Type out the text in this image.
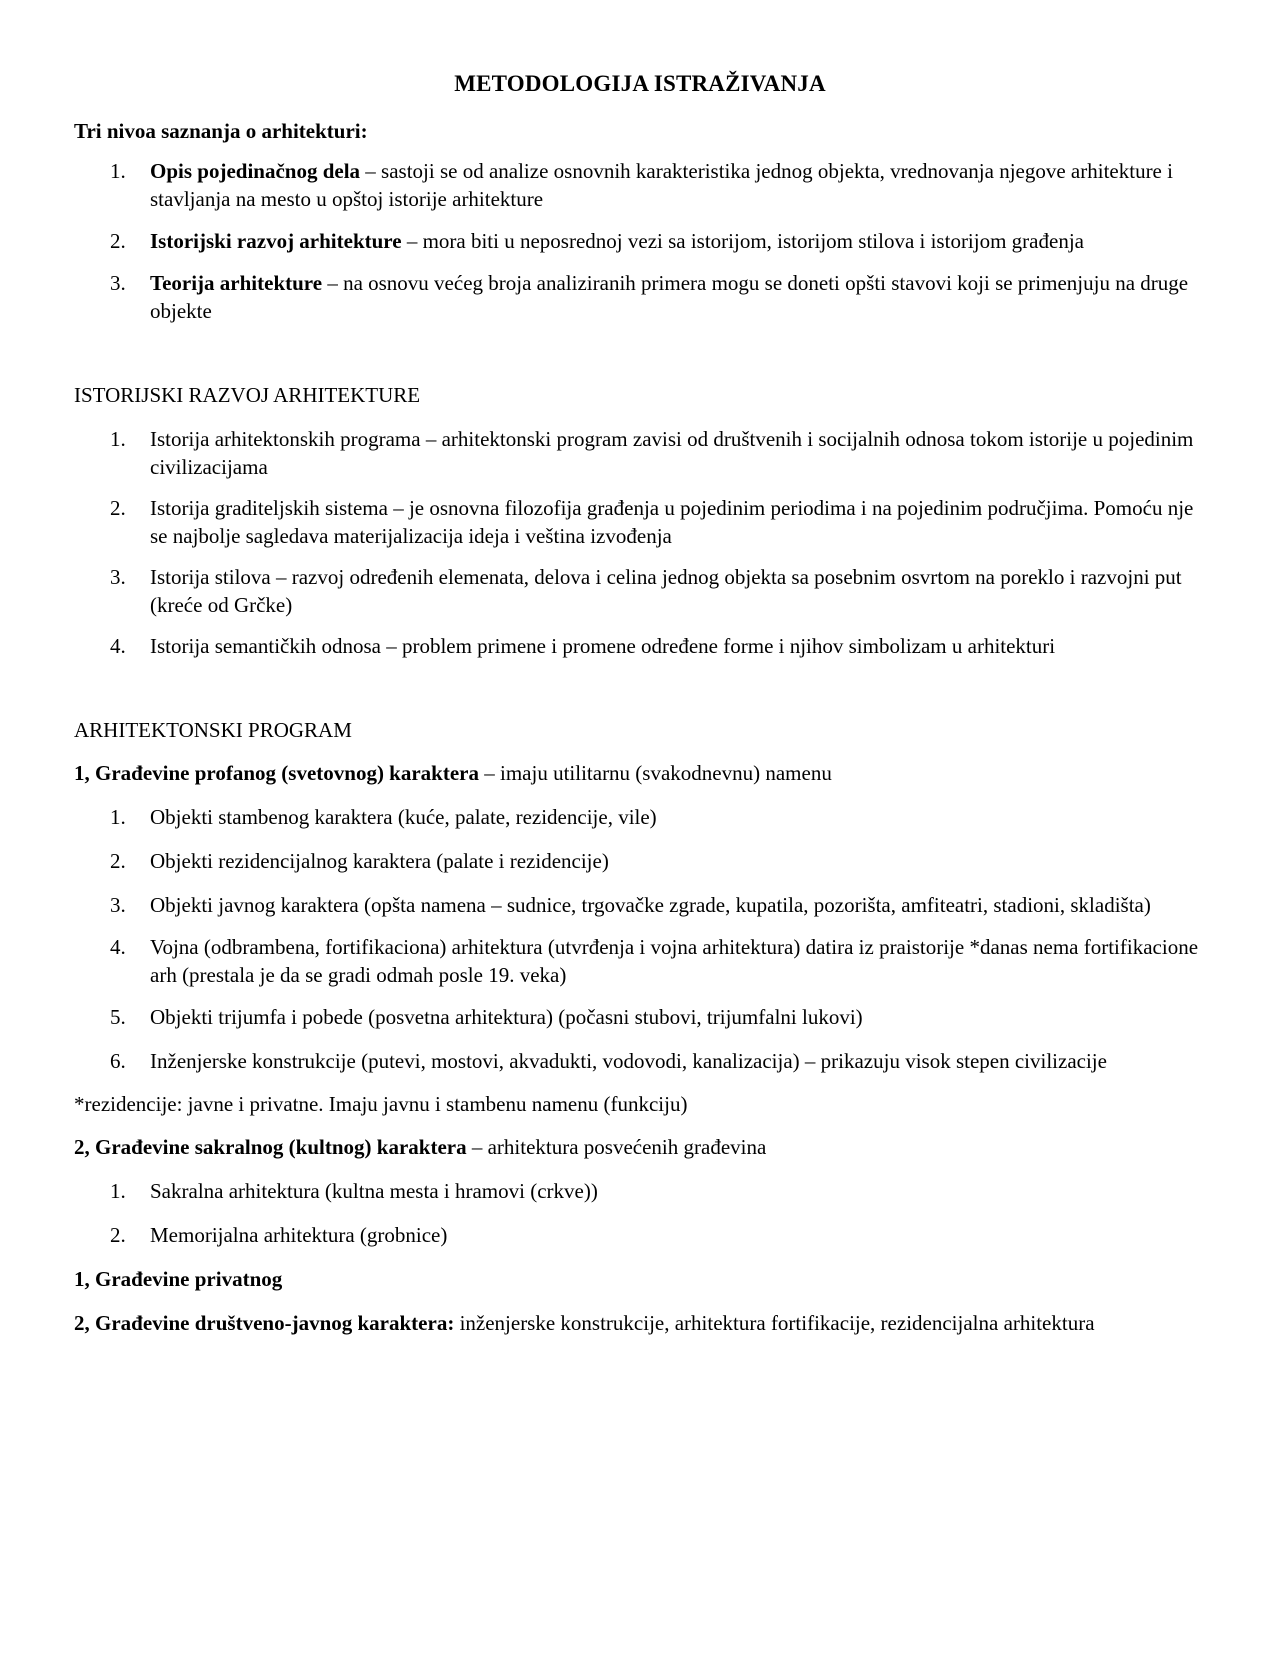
METODOLOGIJA ISTRAŽIVANJA

Tri nivoa saznanja o arhitekturi:

1. Opis pojedinačnog dela – sastoji se od analize osnovnih karakteristika jednog objekta, vrednovanja njegove arhitekture i stavljanja na mesto u opštoj istorije arhitekture
2. Istorijski razvoj arhitekture – mora biti u neposrednoj vezi sa istorijom, istorijom stilova i istorijom građenja
3. Teorija arhitekture – na osnovu većeg broja analiziranih primera mogu se doneti opšti stavovi koji se primenjuju na druge objekte

ISTORIJSKI RAZVOJ ARHITEKTURE

1. Istorija arhitektonskih programa – arhitektonski program zavisi od društvenih i socijalnih odnosa tokom istorije u pojedinim civilizacijama
2. Istorija graditeljskih sistema – je osnovna filozofija građenja u pojedinim periodima i na pojedinim područjima. Pomoću nje se najbolje sagledava materijalizacija ideja i veština izvođenja
3. Istorija stilova – razvoj određenih elemenata, delova i celina jednog objekta sa posebnim osvrtom na poreklo i razvojni put (kreće od Grčke)
4. Istorija semantičkih odnosa – problem primene i promene određene forme i njihov simbolizam u arhitekturi

ARHITEKTONSKI PROGRAM

1, Građevine profanog (svetovnog) karaktera – imaju utilitarnu (svakodnevnu) namenu

1. Objekti stambenog karaktera (kuće, palate, rezidencije, vile)
2. Objekti rezidencijalnog karaktera (palate i rezidencije)
3. Objekti javnog karaktera (opšta namena – sudnice, trgovačke zgrade, kupatila, pozorišta, amfiteatri, stadioni, skladišta)
4. Vojna (odbrambena, fortifikaciona) arhitektura (utvrđenja i vojna arhitektura) datira iz praistorije *danas nema fortifikacione arh (prestala je da se gradi odmah posle 19. veka)
5. Objekti trijumfa i pobede (posvetna arhitektura) (počasni stubovi, trijumfalni lukovi)
6. Inženjerske konstrukcije (putevi, mostovi, akvadukti, vodovodi, kanalizacija) – prikazuju visok stepen civilizacije

*rezidencije: javne i privatne. Imaju javnu i stambenu namenu (funkciju)

2, Građevine sakralnog (kultnog) karaktera – arhitektura posvećenih građevina

1. Sakralna arhitektura (kultna mesta i hramovi (crkve))
2. Memorijalna arhitektura (grobnice)

1, Građevine privatnog

2, Građevine društveno-javnog karaktera: inženjerske konstrukcije, arhitektura fortifikacije, rezidencijalna arhitektura
